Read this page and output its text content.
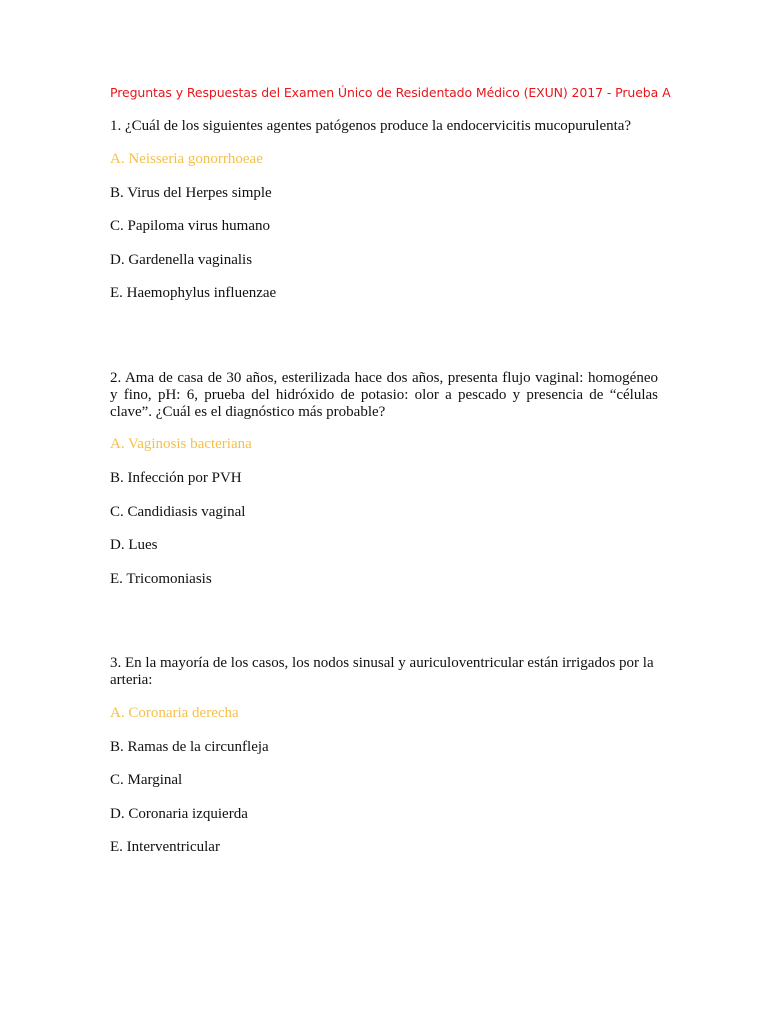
Preguntas y Respuestas del Examen Único de Residentado Médico (EXUN) 2017 - Prueba A
1. ¿Cuál de los siguientes agentes patógenos produce la endocervicitis mucopurulenta?
A. Neisseria gonorrhoeae
B. Virus del Herpes simple
C. Papiloma virus humano
D. Gardenella vaginalis
E. Haemophylus influenzae
2. Ama de casa de 30 años, esterilizada hace dos años, presenta flujo vaginal: homogéneo y fino, pH: 6, prueba del hidróxido de potasio: olor a pescado y presencia de “células clave”. ¿Cuál es el diagnóstico más probable?
A. Vaginosis bacteriana
B. Infección por PVH
C. Candidiasis vaginal
D. Lues
E. Tricomoniasis
3. En la mayoría de los casos, los nodos sinusal y auriculoventricular están irrigados por la arteria:
A. Coronaria derecha
B. Ramas de la circunfleja
C. Marginal
D. Coronaria izquierda
E. Interventricular
